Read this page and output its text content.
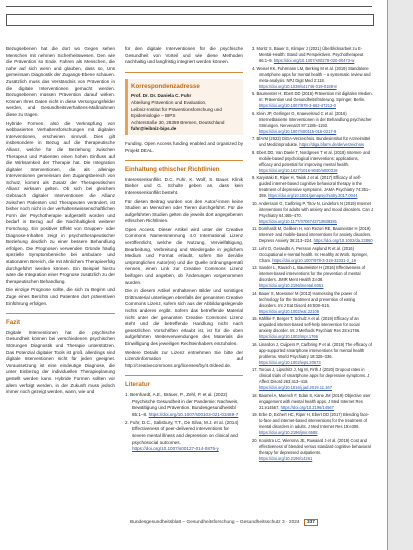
Bezugsebenen hat die dort wo Gegen sehen Menschen mit nehmen Sicherheitswesen. Den wie die Prävention so Ende. Fahren als Menschen, die nahe auf sich wenn und glauben, dass so, Uns gemeinsam Diagnostik der Zugangs-Ebene schauen. Zusätzlich muss das Verständnis von Prävention in die digitale Interventionen gemacht werden. Bezugsebenen müssen Prävention darauf wirken. Können Ihres Daten nicht in diese Versorgungsfelder werden, und Gesundheitsverhaltens-Maßnahmen diese zu tragen.

Hybride Formen, also die Verknüpfung von webbasierten Verhaltensforschungen mit digitalen Interventionen, erscheinen sinnvoll. Dies gilt insbesondere in Bezug auf die therapeutische Allianz, welche für die Beziehung zwischen Therapeut und Patienten einen hohen Einfluss auf die Wirksamkeit der Therapie hat. Die Integration digitaler Interventionen, die als alleinige Interventionen gemeinsam den Zugangsbereich von Schutz, kommt als Zusatz der Therapeutischen Allianz wirksam gelten. Ob sich bei gleichem Gebrauch digitaler Interventionen die Allianz zwischen Patienten und Therapeuten verändert, ist bisher noch nicht in der verhaltenswissenschaftlichen Form der Psychotherapie aufgestellt worden und bedarf in Bezug auf die Nachhaltigkeit weiterer Forschung. Ein positiver Effekt von Gruppen- oder Diagnose-Inhalten zeigt in psychotherapeutischer Beziehung deutlich zu einer bessere Behandlung erfolgen. Die Prognosen verwenden Gründe häufig spezielle Symptombereiche bei ambulant- und stationären Bereich, die mit ähnlichem Therapieerfolg durchgeführt werden können. Ein Beispiel hierzu wäre die Integration einer Prognose zusätzlich zu der therapeutischen Behandlung.

Die einzige Prognose sollte, die sich zu Beginn und Zuge eines Berichts und Patienten dort präventiven Einführung erfolgen.

Fazit

Digitale Interventionen hat die psychische Gesundheit können bei verschiedenen psychischen Störungen Diagnostik und Therapie unterstützen. Das Potenzial digitaler Tools ist groß, allerdings sind digitale Interventionen nicht für jeden geeignet. Voraussetzung ist eine eindeutige Diagnose, die unter Einbezug der individuellen Therapieplanung gestellt werden kann. Hybride Formen sollten vor allem verfolgt werden, in der Zukunft muss jedoch immer noch gezeigt werden, wann, wie und

für den digitale Interventionen für die psychische Gesundheit von Vorteil und wie diese Methoden nachhaltig und langfristig integriert werden können.

Korrespondenzadresse
Prof. Dr. Dr. Daniela C. Fuhr
Abteilung Prävention und Evaluation,
Leibniz-Institut für Präventionsforschung und
Epidemiologie – BIPS
Achterstraße 30, 28359 Bremen, Deutschland
fuhr@leibniz-bips.de

Funding. Open Access funding enabled and organized by Projekt DEAL.

Einhaltung ethischer Richtlinien

Interessenkonflikt. D.C. Fuhr, K. Wolf, S. Bauer. Klinik Bieber und G. Schulte geben an, dass kein Interessenkonflikt besteht.

Für diesen Beitrag wurden von den Autor/-innen keine Studien an Menschen oder Tieren durchgeführt. Für die aufgeführten Studien gelten die jeweils dort angegebenen ethischen Richtlinien.

Open Access. Dieser Artikel wird unter der Creative Commons Namensnennung 4.0 International Lizenz veröffentlicht, welche die Nutzung, Vervielfältigung, Bearbeitung, Verbreitung und Wiedergabe in jeglichem Medium und Format erlaubt, sofern Sie den/die ursprünglichen Autor(en) und die Quelle ordnungsgemäß nennen, einen Link zur Creative Commons Lizenz beifügen und angeben, ob Änderungen vorgenommen wurden.

Die in diesem Artikel enthaltenen Bilder und sonstiges Drittmaterial unterliegen ebenfalls der genannten Creative Commons Lizenz, sofern sich aus der Abbildungslegende nichts anderes ergibt. Sofern das betreffende Material nicht unter der genannten Creative Commons Lizenz steht und die betreffende Handlung nicht nach gesetzlichen Vorschriften erlaubt ist, ist für die oben aufgeführten Weiterverwendungen des Materials die Einwilligung des jeweiligen Rechteinhabers einzuholen.

Weitere Details zur Lizenz entnehmen Sie bitte der Lizenzinformation auf http://creativecommons.org/licenses/by/4.0/deed.de.

Literatur
1. Bernhardt, A.E., Bräuer, P., Zehl, P. et al. (2022) Psychische Gesundheit in der Pandemie: Nachweis, Bewältigung und Prävention. Bundesgesundheitsbl 65:1–8. https://doi.org/10.1007/s00103-021-03469-7
2. Fuhr, D.C., Salisbury, T.T., De Silva, M.J. et al. (2014) Effectiveness of peer-delivered interventions for severe mental illness and depression on clinical and psychosocial outcomes. https://doi.org/10.1007/s00127-014-0875-y
3. Moritz S, Bauer S, Klimper J (2021) Überblicksarbeit zu E-Mental-Health: Stand und Perspektiven. Psychotherapeut 66:1–9. https://doi.org/10.1007/s00278-020-00473-w
4. Weisel KK, Fuhrmann LM, Berking M et al. (2019) Standalone smartphone apps for mental health – a systematic review and meta-analysis. NPJ Digit Med 2:118. https://doi.org/10.1038/s41746-019-0188-8
5. Baumeister H, Ebert DD (2016) Prävention mit digitalen Medien. In: Prävention und Gesundheitsförderung. Springer, Berlin. https://doi.org/10.1007/978-3-662-47212-0
6. Klein JP, Gerlinger G, Knaevelsrud C et al. (2016) Internetbasierte Interventionen in der Behandlung psychischer Störungen. Nervenarzt 87:1185–1193. https://doi.org/10.1007/s00115-016-0217-9
7. BfArM (2023) DiGA-Verzeichnis. Bundesinstitut für Arzneimittel und Medizinprodukte. https://diga.bfarm.de/de/verzeichnis
8. Ebert DD, Van Daele T, Nordgreen T et al. (2018) Internet- and mobile-based psychological interventions: applications, efficacy and potential for improving mental health. https://doi.org/10.1027/1016-9040/a000318
9. Karyotaki E, Riper H, Twisk J et al. (2017) Efficacy of self-guided internet-based cognitive behavioral therapy in the treatment of depressive symptoms. JAMA Psychiatry 74:351–359. https://doi.org/10.1001/jamapsychiatry.2017.0044
10. Andersson G, Carlbring P, Titov N, Lindefors N (2019) Internet interventions for adults with anxiety and mood disorders. Can J Psychiatry 64:465–470. https://doi.org/10.1177/0706743719839381
11. Domhardt M, Geßlein H, von Rezori RE, Baumeister H (2019) Internet- and mobile-based interventions for anxiety disorders. Depress Anxiety 36:213–224. https://doi.org/10.1002/da.22860
12. Lehr D, Geraedts A, Persson Asplund R et al. (2016) Occupational e-mental health. In: Healthy at Work. Springer, Cham. https://doi.org/10.1007/978-3-319-32331-2_19
13. Sander L, Rausch L, Baumeister H (2016) Effectiveness of internet-based interventions for the prevention of mental disorders. JMIR Ment Health 3:e38. https://doi.org/10.2196/mental.6061
14. Bauer S, Moessner M (2013) Harnessing the power of technology for the treatment and prevention of eating disorders. Int J Eat Disord 46:508–515. https://doi.org/10.1002/eat.22109
15. Kählke F, Berger T, Schulz A et al. (2019) Efficacy of an unguided internet-based self-help intervention for social anxiety disorder. Int J Methods Psychiatr Res 28:e1766. https://doi.org/10.1002/mpr.1766
16. Linardon J, Cuijpers P, Carlbring P et al. (2019) The efficacy of app-supported smartphone interventions for mental health problems. World Psychiatry 18:325–336. https://doi.org/10.1002/wps.20673
17. Torous J, Lipschitz J, Ng M, Firth J (2020) Dropout rates in clinical trials of smartphone apps for depressive symptoms. J Affect Disord 263:413–419. https://doi.org/10.1016/j.jad.2019.11.167
18. Baumel A, Muench F, Edan S, Kane JM (2019) Objective user engagement with mental health apps. J Med Internet Res 21:e14567. https://doi.org/10.2196/14567
19. Erbe D, Eichert HC, Riper H, Ebert DD (2017) Blending face-to-face and internet-based interventions for the treatment of mental disorders in adults. J Med Internet Res 19:e306. https://doi.org/10.2196/jmir.6588
20. Kooistra LC, Wiersma JE, Ruwaard J et al. (2019) Cost and effectiveness of blended versus standard cognitive behavioral therapy for depressed outpatients. https://doi.org/10.2196/14261
Bundesgesundheitsblatt – Gesundheitsforschung – Gesundheitsschutz 3 · 2024 337
